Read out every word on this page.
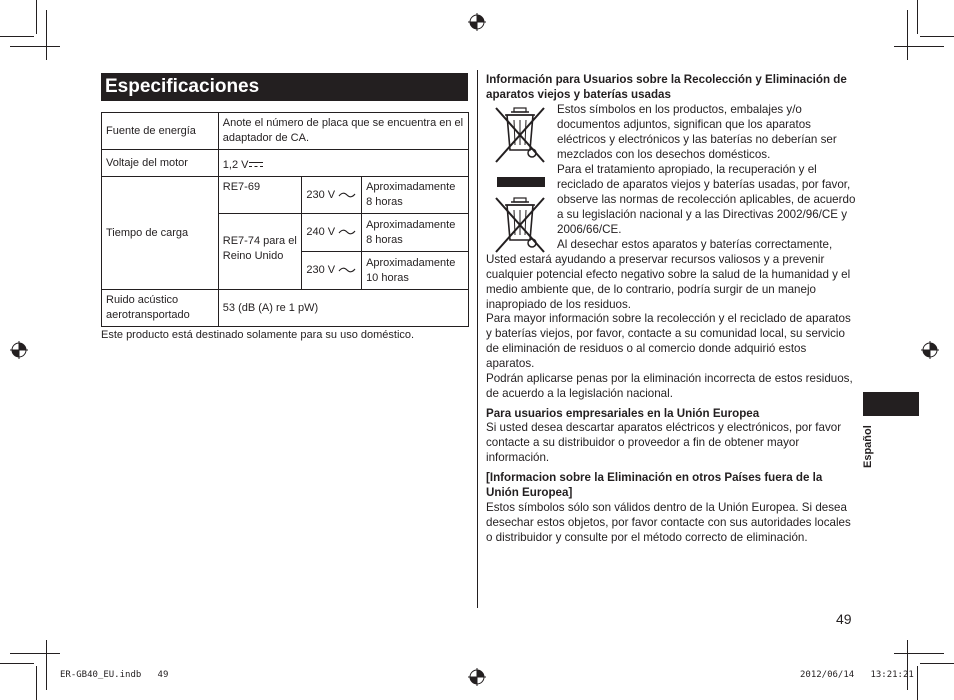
Especificaciones
Fuente de energía	Anote el número de placa que se encuentra en el adaptador de CA.		
Voltaje del motor	1,2 V		
Tiempo de carga	RE7-69	230 V	Aproximadamente 8 horas
	RE7-74 para el Reino Unido	240 V	Aproximadamente 8 horas
		230 V	Aproximadamente 10 horas
Ruido acústico aerotransportado	53 (dB (A) re 1 pW)		
Este producto está destinado solamente para su uso doméstico.
Información para Usuarios sobre la Recolección y Eliminación de aparatos viejos y baterías usadas
Estos símbolos en los productos, embalajes y/o documentos adjuntos, significan que los aparatos eléctricos y electrónicos y las baterías no deberían ser mezclados con los desechos domésticos.
Para el tratamiento apropiado, la recuperación y el reciclado de aparatos viejos y baterías usadas, por favor, observe las normas de recolección aplicables, de acuerdo a su legislación nacional y a las Directivas 2002/96/CE y 2006/66/CE.
Al desechar estos aparatos y baterías correctamente, Usted estará ayudando a preservar recursos valiosos y a prevenir cualquier potencial efecto negativo sobre la salud de la humanidad y el medio ambiente que, de lo contrario, podría surgir de un manejo inapropiado de los residuos.
Para mayor información sobre la recolección y el reciclado de aparatos y baterías viejos, por favor, contacte a su comunidad local, su servicio de eliminación de residuos o al comercio donde adquirió estos aparatos.
Podrán aplicarse penas por la eliminación incorrecta de estos residuos, de acuerdo a la legislación nacional.
Para usuarios empresariales en la Unión Europea
Si usted desea descartar aparatos eléctricos y electrónicos, por favor contacte a su distribuidor o proveedor a fin de obtener mayor información.
[Informacion sobre la Eliminación en otros Países fuera de la Unión Europea]
Estos símbolos sólo son válidos dentro de la Unión Europea. Si desea desechar estos objetos, por favor contacte con sus autoridades locales o distribuidor y consulte por el método correcto de eliminación.
Español
49
ER-GB40_EU.indb   49	2012/06/14   13:21:21
